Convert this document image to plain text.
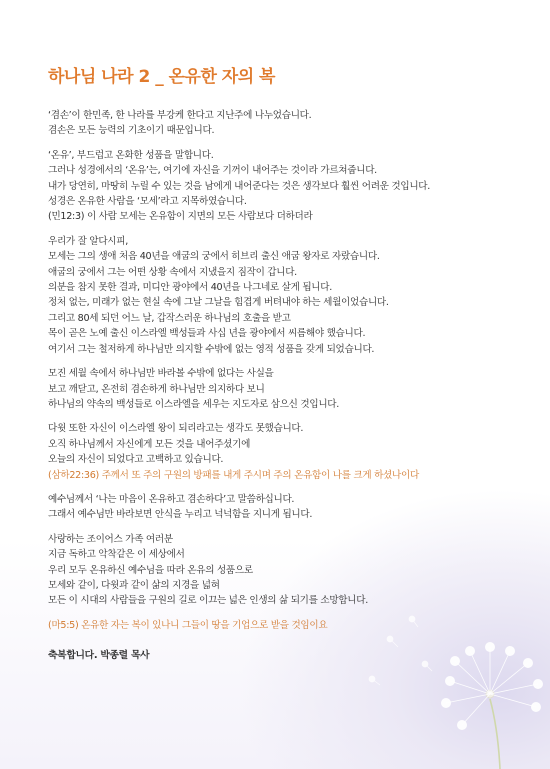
하나님 나라 2 _ 온유한 자의 복
‘겸손’이 한민족, 한 나라를 부강케 한다고 지난주에 나누었습니다.
겸손은 모든 능력의 기초이기 때문입니다.
‘온유’, 부드럽고 온화한 성품을 말합니다.
그러나 성경에서의 ‘온유’는, 여기에 자신을 기꺼이 내어주는 것이라 가르쳐줍니다.
내가 당연히, 마땅히 누릴 수 있는 것을 남에게 내어준다는 것은 생각보다 훨씬 어려운 것입니다.
성경은 온유한 사람을 ‘모세’라고 지목하였습니다.
(민12:3) 이 사람 모세는 온유함이 지면의 모든 사람보다 더하더라
우리가 잘 알다시피,
모세는 그의 생애 처음 40년을 애굽의 궁에서 히브리 출신 애굽 왕자로 자랐습니다.
애굽의 궁에서 그는 어떤 상황 속에서 지냈을지 짐작이 갑니다.
의분을 참지 못한 결과, 미디안 광야에서 40년을 나그네로 살게 됩니다.
정처 없는, 미래가 없는 현실 속에 그날 그날을 힘겹게 버텨내야 하는 세월이었습니다.
그리고 80세 되던 어느 날, 갑작스러운 하나님의 호출을 받고
목이 곧은 노예 출신 이스라엘 백성들과 사십 년을 광야에서 씨름해야 했습니다.
여기서 그는 철저하게 하나님만 의지할 수밖에 없는 영적 성품을 갖게 되었습니다.
모진 세월 속에서 하나님만 바라볼 수밖에 없다는 사실을
보고 깨닫고, 온전히 겸손하게 하나님만 의지하다 보니
하나님의 약속의 백성들로 이스라엘을 세우는 지도자로 삼으신 것입니다.
다윗 또한 자신이 이스라엘 왕이 되리라고는 생각도 못했습니다.
오직 하나님께서 자신에게 모든 것을 내어주셨기에
오늘의 자신이 되었다고 고백하고 있습니다.
(삼하22:36) 주께서 또 주의 구원의 방패를 내게 주시며 주의 온유함이 나를 크게 하셨나이다
예수님께서 ‘나는 마음이 온유하고 겸손하다’고 말씀하십니다.
그래서 예수님만 바라보면 안식을 누리고 넉넉함을 지니게 됩니다.
사랑하는 조이어스 가족 여러분
지금 독하고 악착같은 이 세상에서
우리 모두 온유하신 예수님을 따라 온유의 성품으로
모세와 같이, 다윗과 같이 삶의 지경을 넓혀
모든 이 시대의 사람들을 구원의 길로 이끄는 넓은 인생의 삶 되기를 소망합니다.
(마5:5) 온유한 자는 복이 있나니 그들이 땅을 기업으로 받을 것임이요
축복합니다. 박종렬 목사
